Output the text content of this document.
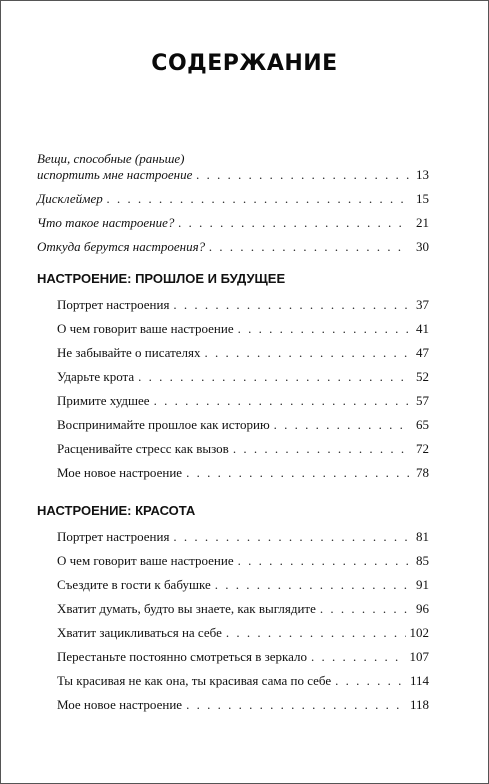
СОДЕРЖАНИЕ
Вещи, способные (раньше)
испортить мне настроение . . .	13
Дисклеймер . . .	15
Что такое настроение? . . .	21
Откуда берутся настроения? . . .	30
НАСТРОЕНИЕ: ПРОШЛОЕ И БУДУЩЕЕ
Портрет настроения . . .	37
О чем говорит ваше настроение . . .	41
Не забывайте о писателях . . .	47
Ударьте крота . . .	52
Примите худшее . . .	57
Воспринимайте прошлое как историю . . .	65
Расценивайте стресс как вызов . . .	72
Мое новое настроение . . .	78
НАСТРОЕНИЕ: КРАСОТА
Портрет настроения . . .	81
О чем говорит ваше настроение . . .	85
Съездите в гости к бабушке . . .	91
Хватит думать, будто вы знаете, как выглядите . . .	96
Хватит зацикливаться на себе . . .	102
Перестаньте постоянно смотреться в зеркало . . .	107
Ты красивая не как она, ты красивая сама по себе . . .	114
Мое новое настроение . . .	118
